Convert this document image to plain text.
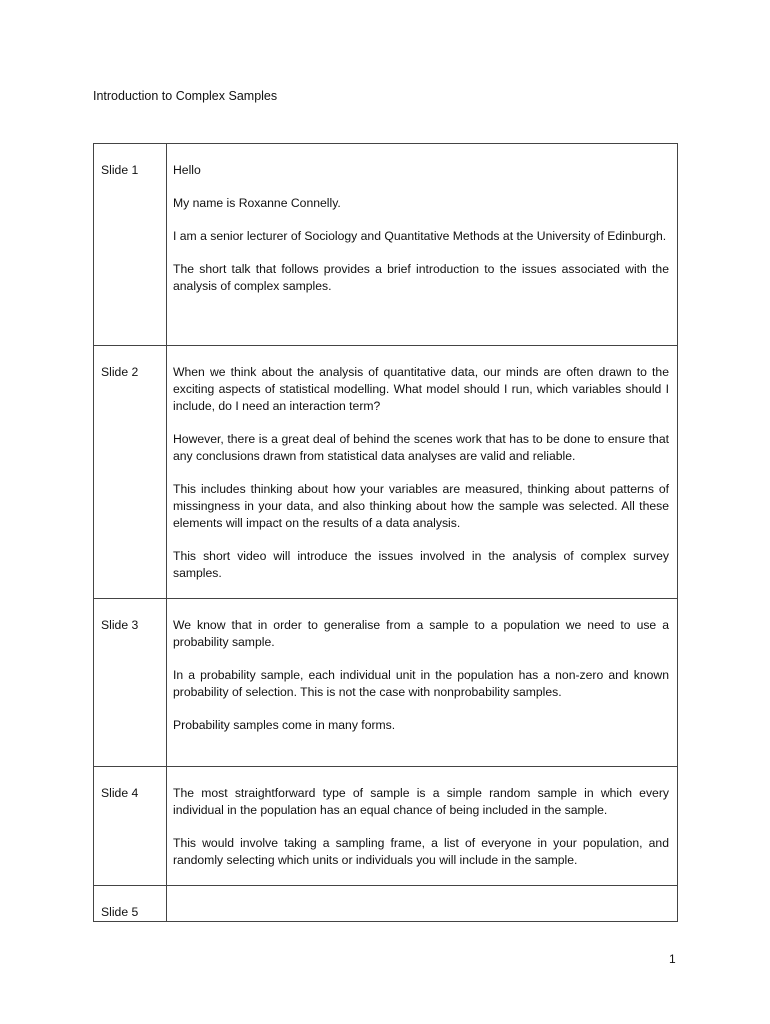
Introduction to Complex Samples
Slide 1	Hello

My name is Roxanne Connelly.

I am a senior lecturer of Sociology and Quantitative Methods at the University of Edinburgh.

The short talk that follows provides a brief introduction to the issues associated with the analysis of complex samples.

Slide 2	When we think about the analysis of quantitative data, our minds are often drawn to the exciting aspects of statistical modelling. What model should I run, which variables should I include, do I need an interaction term?

However, there is a great deal of behind the scenes work that has to be done to ensure that any conclusions drawn from statistical data analyses are valid and reliable.

This includes thinking about how your variables are measured, thinking about patterns of missingness in your data, and also thinking about how the sample was selected. All these elements will impact on the results of a data analysis.

This short video will introduce the issues involved in the analysis of complex survey samples.

Slide 3	We know that in order to generalise from a sample to a population we need to use a probability sample.

In a probability sample, each individual unit in the population has a non-zero and known probability of selection. This is not the case with nonprobability samples.

Probability samples come in many forms.

Slide 4	The most straightforward type of sample is a simple random sample in which every individual in the population has an equal chance of being included in the sample.

This would involve taking a sampling frame, a list of everyone in your population, and randomly selecting which units or individuals you will include in the sample.

Slide 5	

1
